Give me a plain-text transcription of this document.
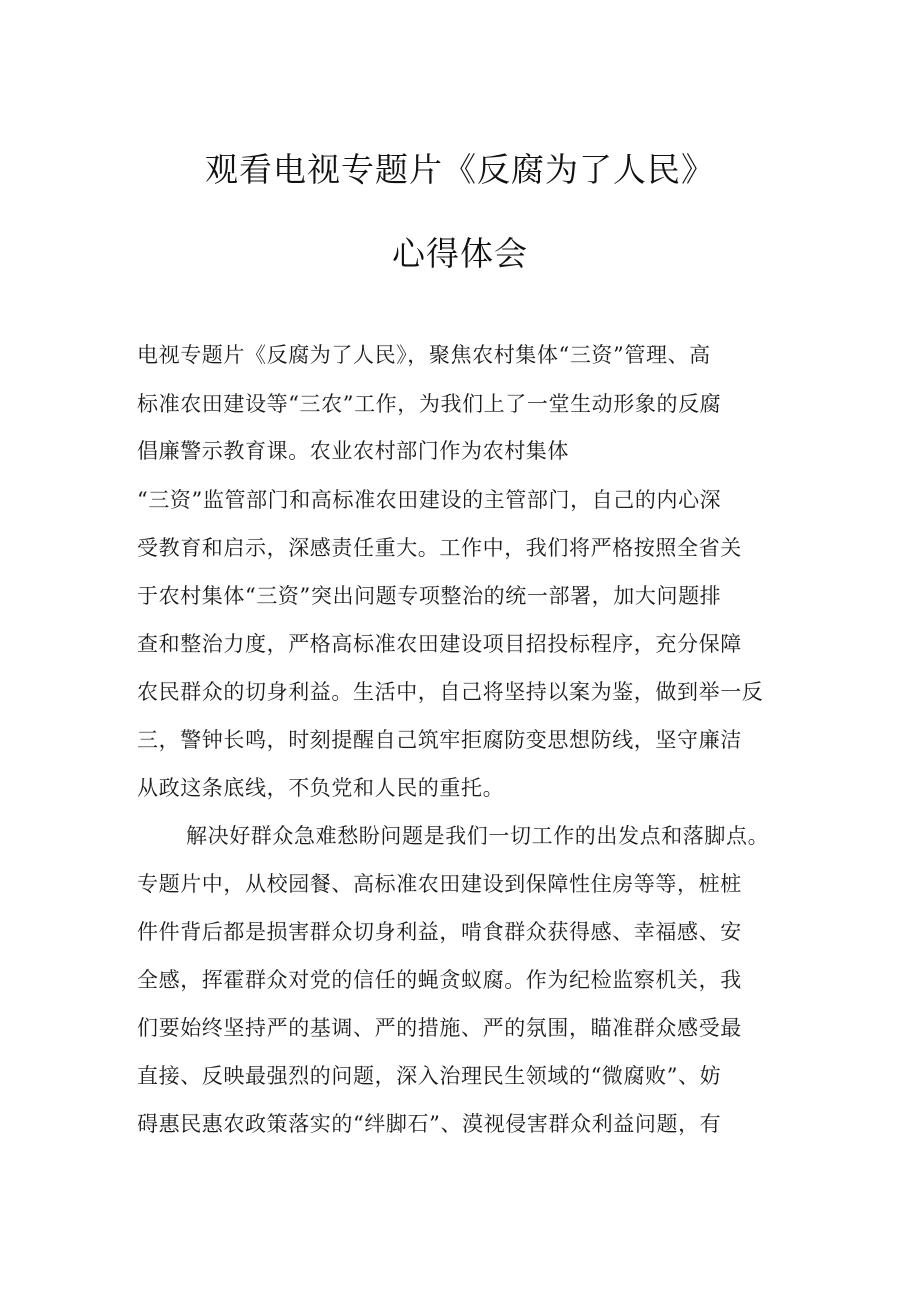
观看电视专题片《反腐为了人民》
心得体会
电视专题片《反腐为了人民》，聚焦农村集体“三资”管理、高
标准农田建设等“三农”工作，为我们上了一堂生动形象的反腐
倡廉警示教育课。农业农村部门作为农村集体
“三资”监管部门和高标准农田建设的主管部门，自己的内心深
受教育和启示，深感责任重大。工作中，我们将严格按照全省关
于农村集体“三资”突出问题专项整治的统一部署，加大问题排
查和整治力度，严格高标准农田建设项目招投标程序，充分保障
农民群众的切身利益。生活中，自己将坚持以案为鉴，做到举一反
三，警钟长鸣，时刻提醒自己筑牢拒腐防变思想防线，坚守廉洁
从政这条底线，不负党和人民的重托。
解决好群众急难愁盼问题是我们一切工作的出发点和落脚点。
专题片中，从校园餐、高标准农田建设到保障性住房等等，桩桩
件件背后都是损害群众切身利益，啃食群众获得感、幸福感、安
全感，挥霍群众对党的信任的蝇贪蚁腐。作为纪检监察机关，我
们要始终坚持严的基调、严的措施、严的氛围，瞄准群众感受最
直接、反映最强烈的问题，深入治理民生领域的“微腐败”、妨
碍惠民惠农政策落实的“绊脚石”、漠视侵害群众利益问题，有
